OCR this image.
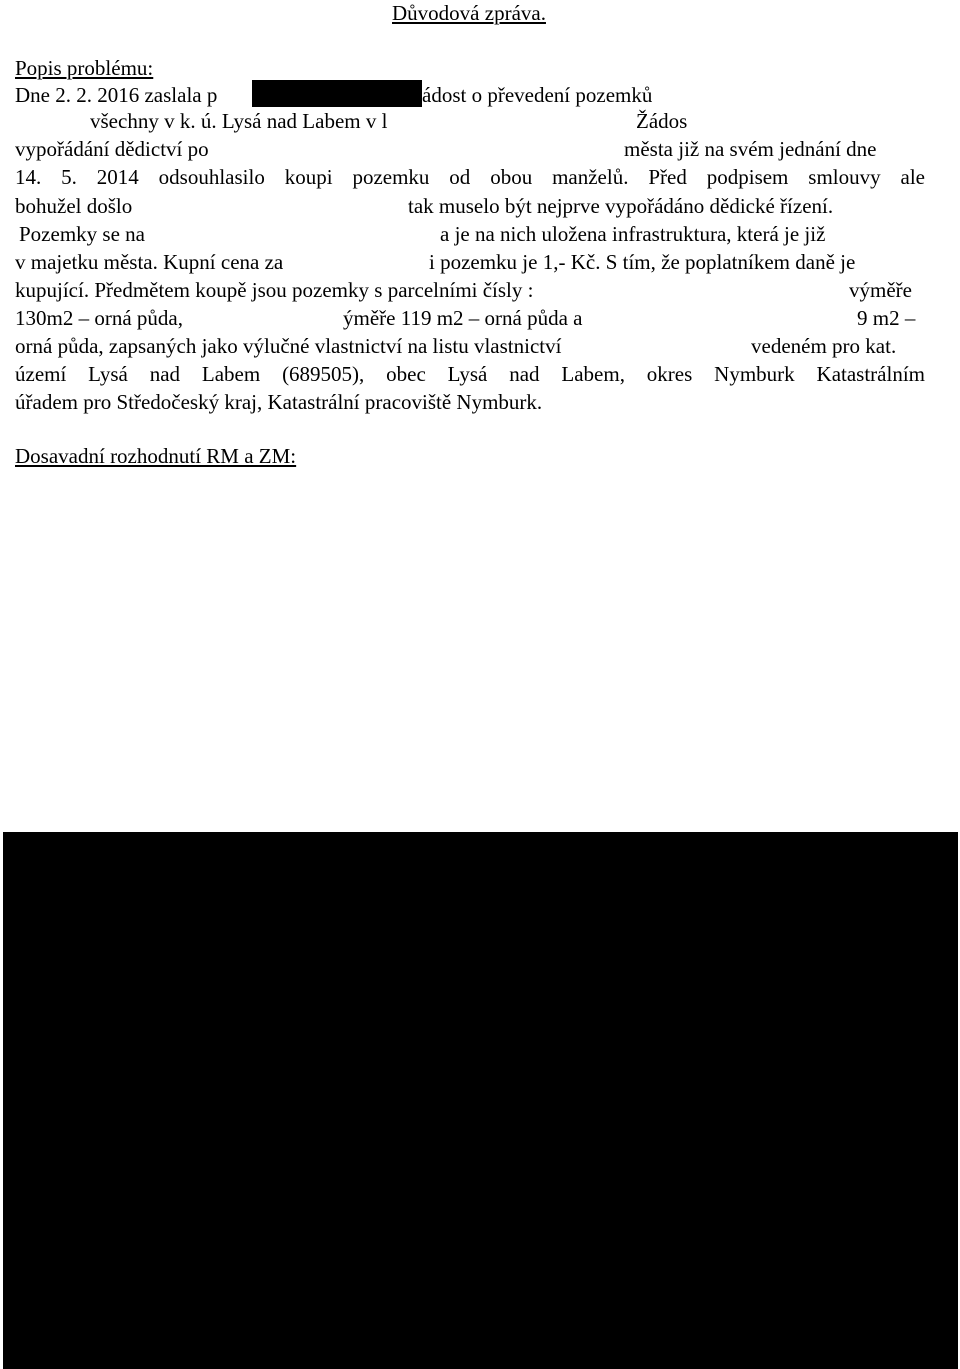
Důvodová zpráva.
Popis problému:
Dne 2. 2. 2016 zaslala p	ádost o převedení pozemků
všechny v k. ú. Lysá nad Labem v l	Žádos
vypořádání dědictví po	města již na svém jednání dne
14. 5. 2014 odsouhlasilo koupi pozemku od obou manželů. Před podpisem smlouvy ale
bohužel došlo	tak muselo být nejprve vypořádáno dědické řízení.
Pozemky se na	a je na nich uložena infrastruktura, která je již
v majetku města. Kupní cena za	i pozemku je 1,- Kč. S tím, že poplatníkem daně je
kupující. Předmětem koupě jsou pozemky s parcelními čísly :	výměře
130m2 – orná půda,	ýměře 119 m2 – orná půda a	9 m2 –
orná půda, zapsaných jako výlučné vlastnictví na listu vlastnictví	vedeném pro kat.
území Lysá nad Labem (689505), obec Lysá nad Labem, okres Nymburk Katastrálním
úřadem pro Středočeský kraj, Katastrální pracoviště Nymburk.
Dosavadní rozhodnutí RM a ZM:
